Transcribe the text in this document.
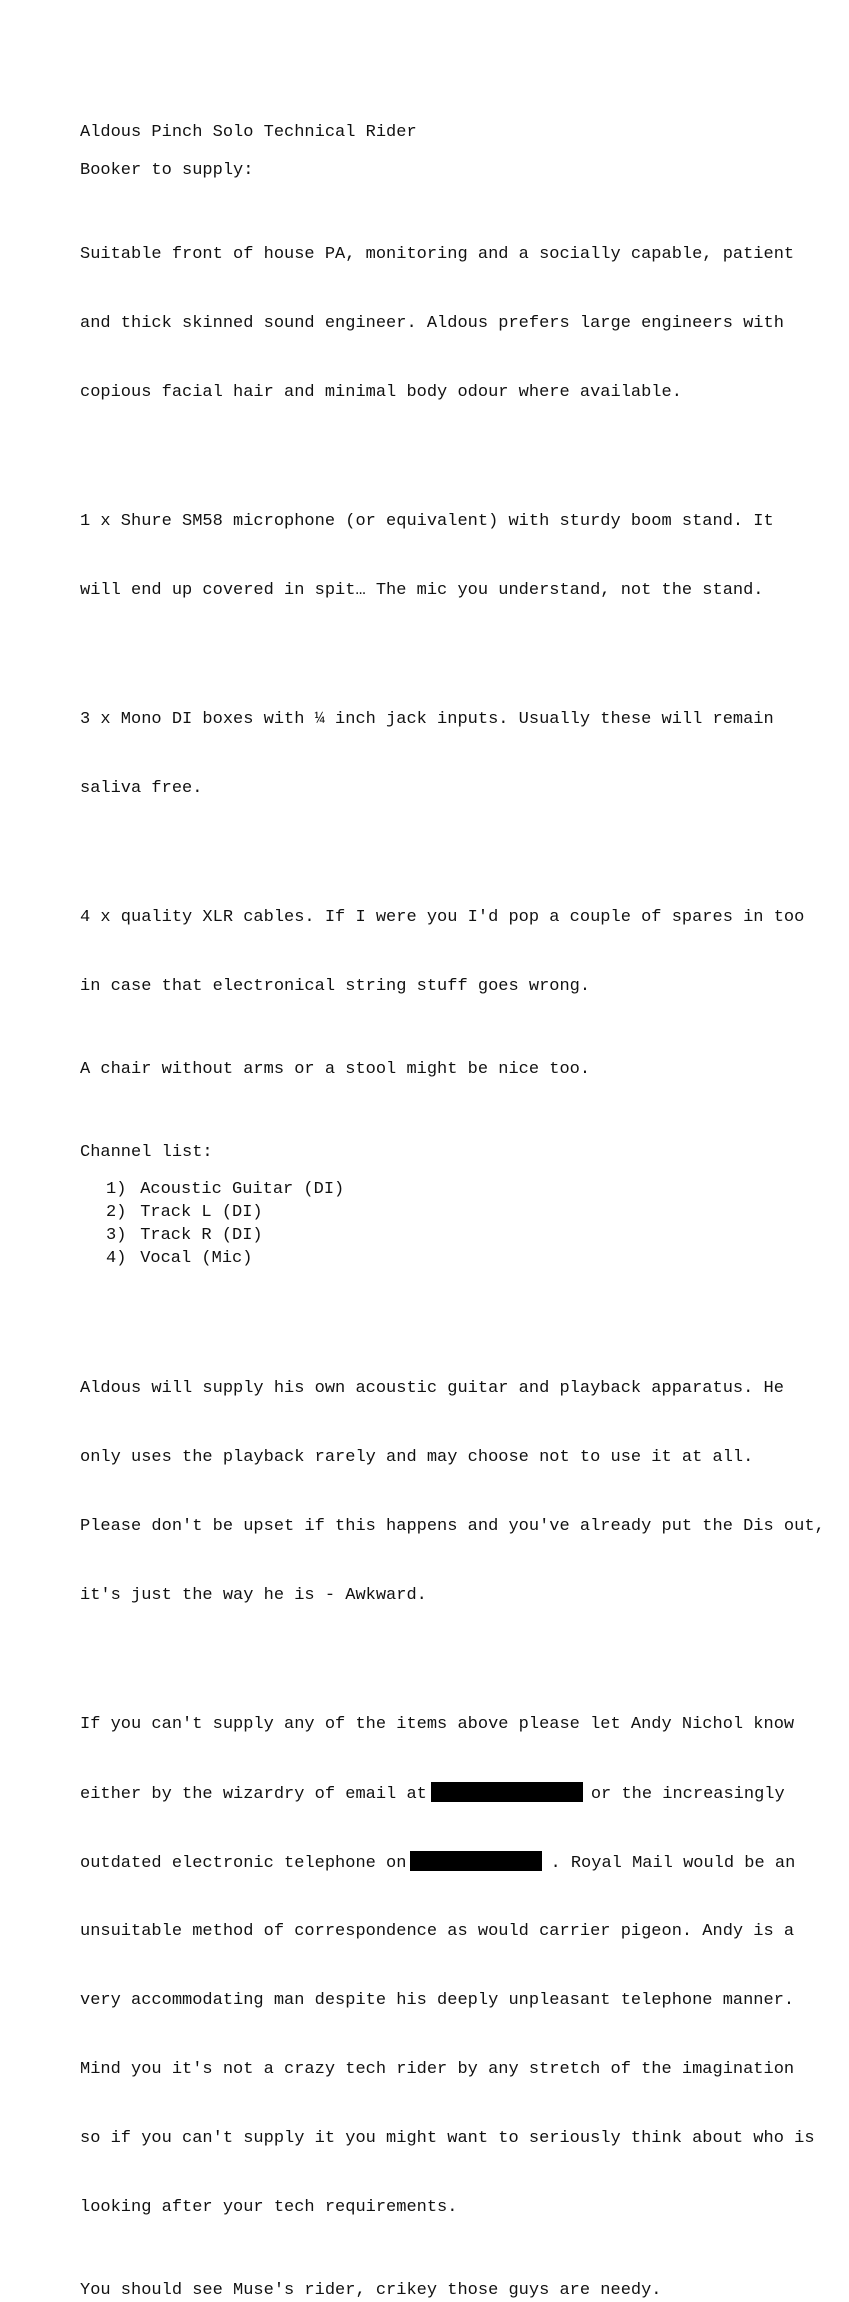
Aldous Pinch Solo Technical Rider

Booker to supply:

Suitable front of house PA, monitoring and a socially capable, patient

and thick skinned sound engineer. Aldous prefers large engineers with

copious facial hair and minimal body odour where available.

1 x Shure SM58 microphone (or equivalent) with sturdy boom stand. It

will end up covered in spit… The mic you understand, not the stand.

3 x Mono DI boxes with ¼ inch jack inputs. Usually these will remain

saliva free.

4 x quality XLR cables. If I were you I'd pop a couple of spares in too

in case that electronical string stuff goes wrong.

A chair without arms or a stool might be nice too.

Channel list:

1) Acoustic Guitar (DI)
2) Track L (DI)
3) Track R (DI)
4) Vocal (Mic)

Aldous will supply his own acoustic guitar and playback apparatus. He

only uses the playback rarely and may choose not to use it at all.

Please don't be upset if this happens and you've already put the Dis out,

it's just the way he is - Awkward.

If you can't supply any of the items above please let Andy Nichol know

either by the wizardry of email at	or the increasingly

outdated electronic telephone on	. Royal Mail would be an

unsuitable method of correspondence as would carrier pigeon. Andy is a

very accommodating man despite his deeply unpleasant telephone manner.

Mind you it's not a crazy tech rider by any stretch of the imagination

so if you can't supply it you might want to seriously think about who is

looking after your tech requirements.

You should see Muse's rider, crikey those guys are needy.
